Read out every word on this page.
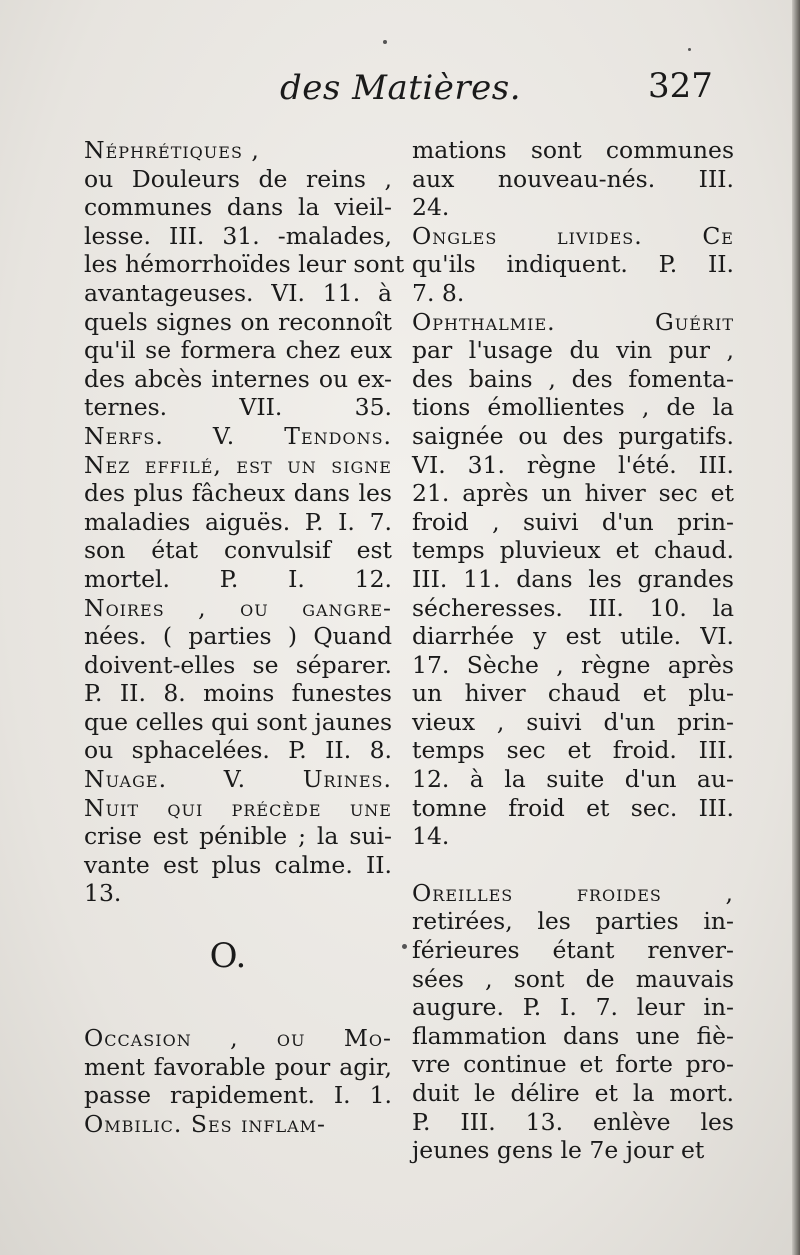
des Matières.	327
Néphrétiques ,
ou Douleurs de reins ,
communes dans la vieil-
lesse. III. 31. -malades,
les hémorrhoïdes leur sont
avantageuses. VI. 11. à
quels signes on reconnoît
qu'il se formera chez eux
des abcès internes ou ex-
ternes. VII. 35.
Nerfs. V. Tendons.
Nez effilé, est un signe
des plus fâcheux dans les
maladies aiguës. P. I. 7.
son état convulsif est
mortel. P. I. 12.
Noires , ou gangre-
nées. ( parties ) Quand
doivent-elles se séparer.
P. II. 8. moins funestes
que celles qui sont jaunes
ou sphacelées. P. II. 8.
Nuage. V. Urines.
Nuit qui précède une
crise est pénible ; la sui-
vante est plus calme. II.
13.
O.
Occasion , ou Mo-
ment favorable pour agir,
passe rapidement. I. 1.
Ombilic. Ses inflam-
mations sont communes
aux nouveau-nés. III.
24.
Ongles livides. Ce
qu'ils indiquent. P. II.
7. 8.
Ophthalmie. Guérit
par l'usage du vin pur ,
des bains , des fomenta-
tions émollientes , de la
saignée ou des purgatifs.
VI. 31. règne l'été. III.
21. après un hiver sec et
froid , suivi d'un prin-
temps pluvieux et chaud.
III. 11. dans les grandes
sécheresses. III. 10. la
diarrhée y est utile. VI.
17. Sèche , règne après
un hiver chaud et plu-
vieux , suivi d'un prin-
temps sec et froid. III.
12. à la suite d'un au-
tomne froid et sec. III.
14.
Oreilles froides ,
retirées, les parties in-
férieures étant renver-
sées , sont de mauvais
augure. P. I. 7. leur in-
flammation dans une fiè-
vre continue et forte pro-
duit le délire et la mort.
P. III. 13. enlève les
jeunes gens le 7e jour et
